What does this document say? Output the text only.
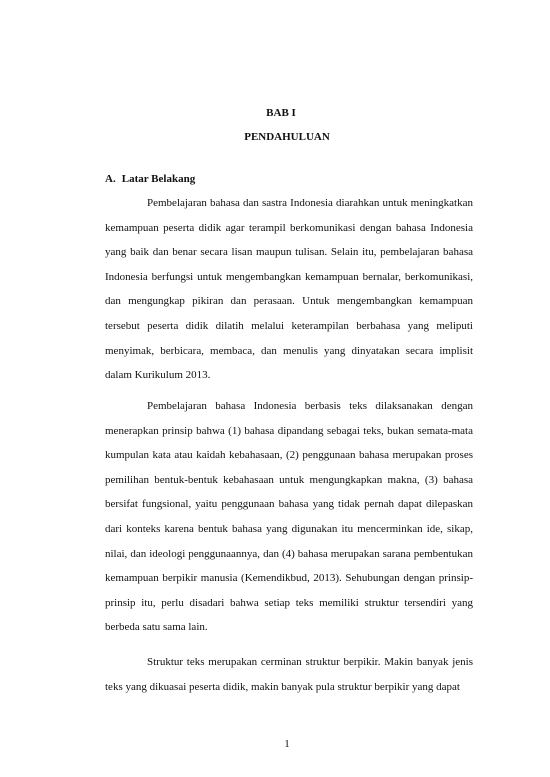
BAB I
PENDAHULUAN
A. Latar Belakang

Pembelajaran bahasa dan sastra Indonesia diarahkan untuk meningkatkan kemampuan peserta didik agar terampil berkomunikasi dengan bahasa Indonesia yang baik dan benar secara lisan maupun tulisan. Selain itu, pembelajaran bahasa Indonesia berfungsi untuk mengembangkan kemampuan bernalar, berkomunikasi, dan mengungkap pikiran dan perasaan. Untuk mengembangkan kemampuan tersebut peserta didik dilatih melalui keterampilan berbahasa yang meliputi menyimak, berbicara, membaca, dan menulis yang dinyatakan secara implisit dalam Kurikulum 2013.

Pembelajaran bahasa Indonesia berbasis teks dilaksanakan dengan menerapkan prinsip bahwa (1) bahasa dipandang sebagai teks, bukan semata-mata kumpulan kata atau kaidah kebahasaan, (2) penggunaan bahasa merupakan proses pemilihan bentuk-bentuk kebahasaan untuk mengungkapkan makna, (3) bahasa bersifat fungsional, yaitu penggunaan bahasa yang tidak pernah dapat dilepaskan dari konteks karena bentuk bahasa yang digunakan itu mencerminkan ide, sikap, nilai, dan ideologi penggunaannya, dan (4) bahasa merupakan sarana pembentukan kemampuan berpikir manusia (Kemendikbud, 2013). Sehubungan dengan prinsip-prinsip itu, perlu disadari bahwa setiap teks memiliki struktur tersendiri yang berbeda satu sama lain.

Struktur teks merupakan cerminan struktur berpikir. Makin banyak jenis teks yang dikuasai peserta didik, makin banyak pula struktur berpikir yang dapat

1
